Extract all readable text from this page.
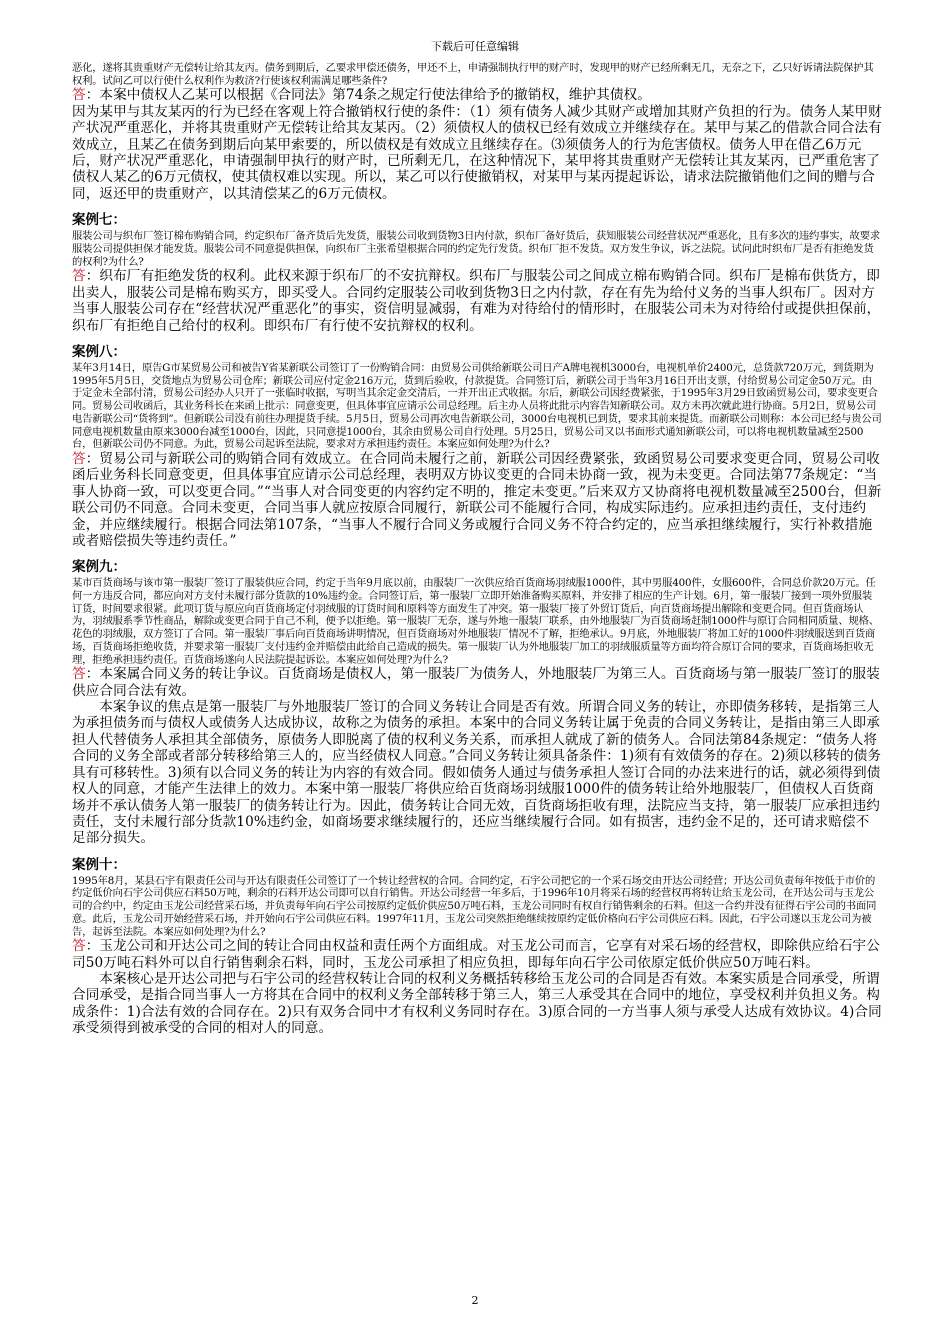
下载后可任意编辑

恶化，遂将其贵重财产无偿转让给其友丙。债务到期后，乙要求甲偿还债务，甲还不上，申请强制执行甲的财产时，发现甲的财产已经所剩无几，无奈之下，乙只好诉请法院保护其权利。试问乙可以行使什么权利作为救济?行使该权利需满足哪些条件?

答：本案中债权人乙某可以根据《合同法》第74条之规定行使法律给予的撤销权，维护其债权。

因为某甲与其友某丙的行为已经在客观上符合撤销权行使的条件：（1）须有债务人减少其财产或增加其财产负担的行为。债务人某甲财产状况严重恶化，并将其贵重财产无偿转让给其友某丙。（2）须债权人的债权已经有效成立并继续存在。某甲与某乙的借款合同合法有效成立，且某乙在债务到期后向某甲索要的，所以债权是有效成立且继续存在。⑶须债务人的行为危害债权。债务人甲在借乙6万元后，财产状况严重恶化，申请强制甲执行的财产时，已所剩无几，在这种情况下，某甲将其贵重财产无偿转让其友某丙，已严重危害了债权人某乙的6万元债权，使其债权难以实现。所以，某乙可以行使撤销权，对某甲与某丙提起诉讼，请求法院撤销他们之间的赠与合同，返还甲的贵重财产，以其清偿某乙的6万元债权。

案例七：

服装公司与织布厂签订棉布购销合同，约定织布厂备齐货后先发货，服装公司收到货物3日内付款，织布厂备好货后，获知服装公司经营状况严重恶化，且有多次的违约事实，故要求服装公司提供担保才能发货。服装公司不同意提供担保，向织布厂主张希望根据合同的约定先行发货。织布厂拒不发货。双方发生争议，诉之法院。试问此时织布厂是否有拒绝发货的权利?为什么?

答：织布厂有拒绝发货的权利。此权来源于织布厂的不安抗辩权。织布厂与服装公司之间成立棉布购销合同。织布厂是棉布供货方，即出卖人，服装公司是棉布购买方，即买受人。合同约定服装公司收到货物3日之内付款，存在有先为给付义务的当事人织布厂。因对方当事人服装公司存在“经营状况严重恶化”的事实，资信明显减弱，有难为对待给付的情形时，在服装公司未为对待给付或提供担保前，织布厂有拒绝自己给付的权利。即织布厂有行使不安抗辩权的权利。

案例八：

某年3月14日，原告G市某贸易公司和被告Y省某新联公司签订了一份购销合同：由贸易公司供给新联公司日产A牌电视机3000台，电视机单价2400元，总货款720万元，到货期为1995年5月5日，交货地点为贸易公司仓库；新联公司应付定金216万元，货到后验收，付款提货。合同签订后，新联公司于当年3月16日开出支票，付给贸易公司定金50万元。由于定金未全部付清，贸易公司经办人只开了一张临时收据，写明当其余定金交清后，一并开出正式收据。尔后，新联公司因经费紧张，于1995年3月29日致函贸易公司，要求变更合同。贸易公司收函后，其业务科长在来函上批示：同意变更，但具体事宜应请示公司总经理。后主办人员将此批示内容告知新联公司。双方未再次就此进行协商。5月2日，贸易公司电告新联公司“货将到”。但新联公司没有前往办理提货手续。5月5日，贸易公司再次电告新联公司，3000台电视机已到货，要求其前来提货。而新联公司则称：本公司已经与贵公司同意电视机数量由原来3000台减至1000台，因此，只同意提1000台，其余由贸易公司自行处理。5月25日，贸易公司又以书面形式通知新联公司，可以将电视机数量减至2500台，但新联公司仍不同意。为此，贸易公司起诉至法院，要求对方承担违约责任。本案应如何处理?为什么?

答：贸易公司与新联公司的购销合同有效成立。在合同尚未履行之前，新联公司因经费紧张，致函贸易公司要求变更合同，贸易公司收函后业务科长同意变更，但具体事宜应请示公司总经理，表明双方协议变更的合同未协商一致，视为未变更。合同法第77条规定：“当事人协商一致，可以变更合同。”“当事人对合同变更的内容约定不明的，推定未变更。”后来双方又协商将电视机数量减至2500台，但新联公司仍不同意。合同未变更，合同当事人就应按原合同履行，新联公司不能履行合同，构成实际违约。应承担违约责任，支付违约金，并应继续履行。根据合同法第107条，“当事人不履行合同义务或履行合同义务不符合约定的，应当承担继续履行，实行补救措施或者赔偿损失等违约责任。”

案例九：

某市百货商场与该市第一服装厂签订了服装供应合同，约定于当年9月底以前，由服装厂一次供应给百货商场羽绒服1000件，其中男服400件，女服600件，合同总价款20万元。任何一方违反合同，都应向对方支付未履行部分货款的10%违约金。合同签订后，第一服装厂立即开始准备购买原料，并安排了相应的生产计划。6月，第一服装厂接到一项外贸服装订货，时间要求很紧。此项订货与原应向百货商场定付羽绒服的订货时间和原料等方面发生了冲突。第一服装厂接了外贸订货后，向百货商场提出解除和变更合同。但百货商场认为，羽绒服系季节性商品，解除或变更合同于自己不利，便予以拒绝。第一服装厂无奈，遂与外地一服装厂联系，由外地服装厂为百货商场赶制1000件与原订合同相同质量、规格、花色的羽绒服，双方签订了合同。第一服装厂事后向百货商场讲明情况，但百货商场对外地服装厂情况不了解，拒绝承认。9月底，外地服装厂将加工好的1000件羽绒服送到百货商场，百货商场拒绝收货，并要求第一服装厂支付违约金并赔偿由此给自己造成的损失。第一服装厂认为外地服装厂加工的羽绒服质量等方面均符合原订合同的要求，百货商场拒收无理，拒绝承担违约责任。百货商场遂向人民法院提起诉讼。本案应如何处理?为什么?

答：本案属合同义务的转让争议。百货商场是债权人，第一服装厂为债务人，外地服装厂为第三人。百货商场与第一服装厂签订的服装供应合同合法有效。

本案争议的焦点是第一服装厂与外地服装厂签订的合同义务转让合同是否有效。所谓合同义务的转让，亦即债务移转，是指第三人为承担债务而与债权人或债务人达成协议，故称之为债务的承担。本案中的合同义务转让属于免责的合同义务转让，是指由第三人即承担人代替债务人承担其全部债务，原债务人即脱离了债的权利义务关系，而承担人就成了新的债务人。合同法第84条规定：“债务人将合同的义务全部或者部分转移给第三人的，应当经债权人同意。”合同义务转让须具备条件：1)须有有效债务的存在。2)须以移转的债务具有可移转性。3)须有以合同义务的转让为内容的有效合同。假如债务人通过与债务承担人签订合同的办法来进行的话，就必须得到债权人的同意，才能产生法律上的效力。本案中第一服装厂将供应给百货商场羽绒服1000件的债务转让给外地服装厂，但债权人百货商场并不承认债务人第一服装厂的债务转让行为。因此，债务转让合同无效，百货商场拒收有理，法院应当支持，第一服装厂应承担违约责任，支付未履行部分货款10%违约金，如商场要求继续履行的，还应当继续履行合同。如有损害，违约金不足的，还可请求赔偿不足部分损失。

案例十：

1995年8月，某县石宇有限责任公司与开达有限责任公司签订了一个转让经营权的合同。合同约定，石宇公司把它的一个采石场交由开达公司经营；开达公司负责每年按低于市价的约定低价向石宇公司供应石料50万吨，剩余的石料开达公司即可以自行销售。开达公司经营一年多后，于1996年10月将采石场的经营权再将转让给玉龙公司，在开达公司与玉龙公司的合约中，约定由玉龙公司经营采石场，并负责每年向石宇公司按原约定低价供应50万吨石料，玉龙公司同时有权自行销售剩余的石料。但这一合约并没有征得石宇公司的书面同意。此后，玉龙公司开始经营采石场，并开始向石宇公司供应石料。1997年11月，玉龙公司突然拒绝继续按原约定低价格向石宇公司供应石料。因此，石宇公司遂以玉龙公司为被告，起诉至法院。本案应如何处理?为什么?

答：玉龙公司和开达公司之间的转让合同由权益和责任两个方面组成。对玉龙公司而言，它享有对采石场的经营权，即除供应给石宇公司50万吨石料外可以自行销售剩余石料，同时，玉龙公司承担了相应负担，即每年向石宇公司依原定低价供应50万吨石料。

本案核心是开达公司把与石宇公司的经营权转让合同的权利义务概括转移给玉龙公司的合同是否有效。本案实质是合同承受，所谓合同承受，是指合同当事人一方将其在合同中的权利义务全部转移于第三人，第三人承受其在合同中的地位，享受权利并负担义务。构成条件：1)合法有效的合同存在。2)只有双务合同中才有权利义务同时存在。3)原合同的一方当事人须与承受人达成有效协议。4)合同承受须得到被承受的合同的相对人的同意。

2
